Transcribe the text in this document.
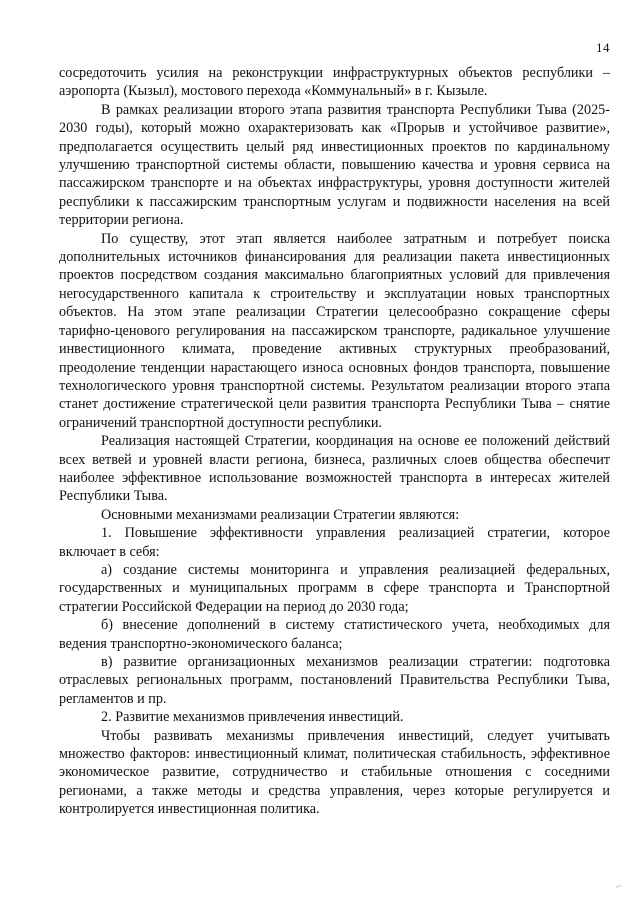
14

сосредоточить усилия на реконструкции инфраструктурных объектов республики – аэропорта (Кызыл), мостового перехода «Коммунальный» в г. Кызыле.

В рамках реализации второго этапа развития транспорта Республики Тыва (2025-2030 годы), который можно охарактеризовать как «Прорыв и устойчивое развитие», предполагается осуществить целый ряд инвестиционных проектов по кардинальному улучшению транспортной системы области, повышению качества и уровня сервиса на пассажирском транспорте и на объектах инфраструктуры, уровня доступности жителей республики к пассажирским транспортным услугам и подвижности населения на всей территории региона.

По существу, этот этап является наиболее затратным и потребует поиска дополнительных источников финансирования для реализации пакета инвестиционных проектов посредством создания максимально благоприятных условий для привлечения негосударственного капитала к строительству и эксплуатации новых транспортных объектов. На этом этапе реализации Стратегии целесообразно сокращение сферы тарифно-ценового регулирования на пассажирском транспорте, радикальное улучшение инвестиционного климата, проведение активных структурных преобразований, преодоление тенденции нарастающего износа основных фондов транспорта, повышение технологического уровня транспортной системы. Результатом реализации второго этапа станет достижение стратегической цели развития транспорта Республики Тыва – снятие ограничений транспортной доступности республики.

Реализация настоящей Стратегии, координация на основе ее положений действий всех ветвей и уровней власти региона, бизнеса, различных слоев общества обеспечит наиболее эффективное использование возможностей транспорта в интересах жителей Республики Тыва.

Основными механизмами реализации Стратегии являются:

1. Повышение эффективности управления реализацией стратегии, которое включает в себя:

а) создание системы мониторинга и управления реализацией федеральных, государственных и муниципальных программ в сфере транспорта и Транспортной стратегии Российской Федерации на период до 2030 года;

б) внесение дополнений в систему статистического учета, необходимых для ведения транспортно-экономического баланса;

в) развитие организационных механизмов реализации стратегии: подготовка отраслевых региональных программ, постановлений Правительства Республики Тыва, регламентов и пр.

2. Развитие механизмов привлечения инвестиций.

Чтобы развивать механизмы привлечения инвестиций, следует учитывать множество факторов: инвестиционный климат, политическая стабильность, эффективное экономическое развитие, сотрудничество и стабильные отношения с соседними регионами, а также методы и средства управления, через которые регулируется и контролируется инвестиционная политика.

~
